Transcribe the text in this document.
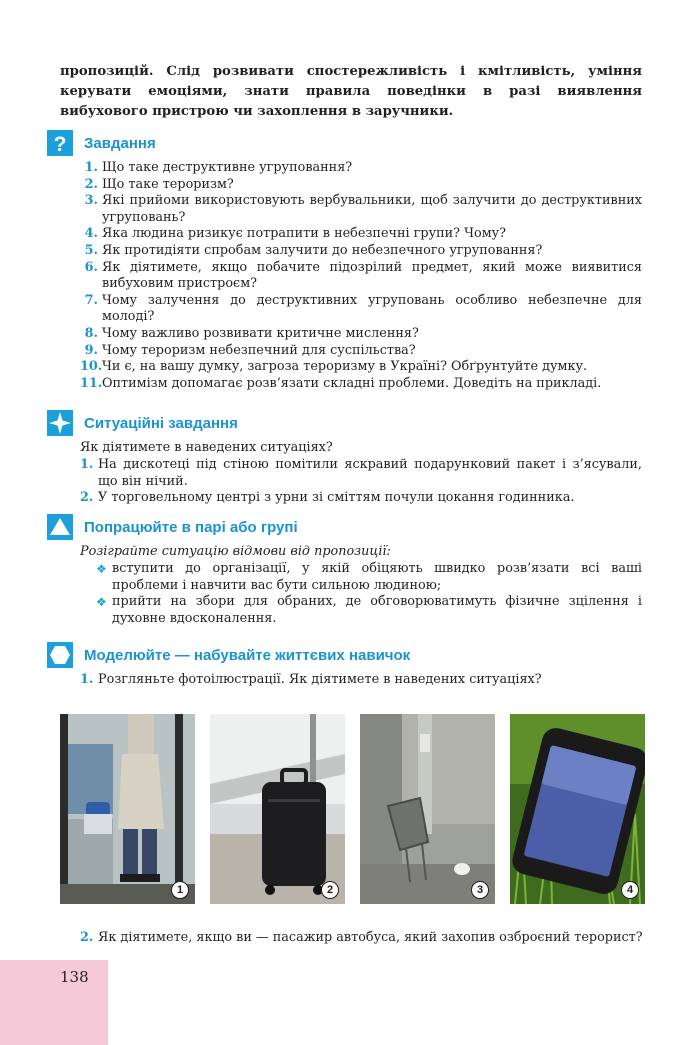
пропозицій. Слід розвивати спостережливість і кмітливість, уміння керувати емоціями, знати правила поведінки в разі виявлення вибухового пристрою чи захоплення в заручники.

? Завдання
1. Що таке деструктивне угруповання?
2. Що таке тероризм?
3. Які прийоми використовують вербувальники, щоб залучити до деструктивних угруповань?
4. Яка людина ризикує потрапити в небезпечні групи? Чому?
5. Як протидіяти спробам залучити до небезпечного угруповання?
6. Як діятимете, якщо побачите підозрілий предмет, який може виявитися вибуховим пристроєм?
7. Чому залучення до деструктивних угруповань особливо небезпечне для молоді?
8. Чому важливо розвивати критичне мислення?
9. Чому тероризм небезпечний для суспільства?
10. Чи є, на вашу думку, загроза тероризму в Україні? Обґрунтуйте думку.
11. Оптимізм допомагає розв’язати складні проблеми. Доведіть на прикладі.
Ситуаційні завдання

Як діятимете в наведених ситуаціях?

1. На дискотеці під стіною помітили яскравий подарунковий пакет і з’ясували, що він нічий.
2. У торговельному центрі з урни зі сміттям почули цокання годинника.
Попрацюйте в парі або групі

Розіграйте ситуацію відмови від пропозиції:

❖ вступити до організації, у якій обіцяють швидко розв’язати всі ваші проблеми і навчити вас бути сильною людиною;
❖ прийти на збори для обраних, де обговорюватимуть фізичне зцілення і духовне вдосконалення.
Моделюйте — набувайте життєвих навичок

1. Розгляньте фотоілюстрації. Як діятимете в наведених ситуаціях?

1	2	3	4

2. Як діятимете, якщо ви — пасажир автобуса, який захопив озброєний терорист?

138
